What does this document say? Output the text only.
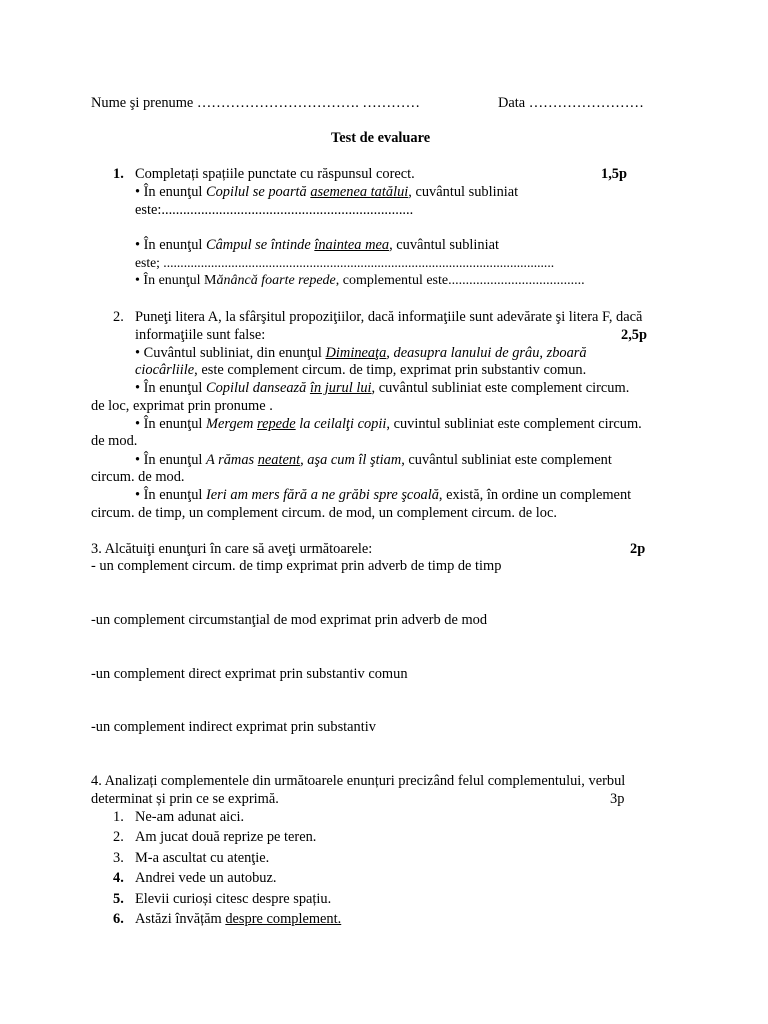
Nume şi prenume ……………………………. …………	Data ……………………
Test de evaluare
1. Completați spațiile punctate cu răspunsul corect.	1,5p
• În enunţul Copilul se poartă asemenea tatălui, cuvântul subliniat
este:......................................................................
• În enunţul Câmpul se întinde înaintea mea, cuvântul subliniat
este; ...................................................................................................................
• În enunţul Mănâncă foarte repede, complementul este.......................................
2. Puneţi litera A, la sfârşitul propoziţiilor, dacă informaţiile sunt adevărate şi litera F, dacă
informaţiile sunt false:	2,5p
• Cuvântul subliniat, din enunţul Dimineaţa, deasupra lanului de grâu, zboară
ciocârliile, este complement circum. de timp, exprimat prin substantiv comun.
• În enunţul Copilul dansează în jurul lui, cuvântul subliniat este complement circum.
de loc, exprimat prin pronume .
• În enunţul Mergem repede la ceilalţi copii, cuvintul subliniat este complement circum.
de mod.
• În enunţul A rămas neatent, aşa cum îl ştiam, cuvântul subliniat este complement
circum. de mod.
• În enunţul Ieri am mers fără a ne grăbi spre şcoală, există, în ordine un complement
circum. de timp, un complement circum. de mod, un complement circum. de loc.
3. Alcătuiţi enunţuri în care să aveţi următoarele:	2p
- un complement circum. de timp exprimat prin adverb de timp de timp
-un complement circumstanţial de mod exprimat prin adverb de mod
-un complement direct exprimat prin substantiv comun
-un complement indirect exprimat prin substantiv
4. Analizați complementele din următoarele enunțuri precizând felul complementului, verbul
determinat și prin ce se exprimă.	3p
1. Ne-am adunat aici.
2. Am jucat două reprize pe teren.
3. M-a ascultat cu atenţie.
4. Andrei vede un autobuz.
5. Elevii curioși citesc despre spațiu.
6. Astăzi învățăm despre complement.
